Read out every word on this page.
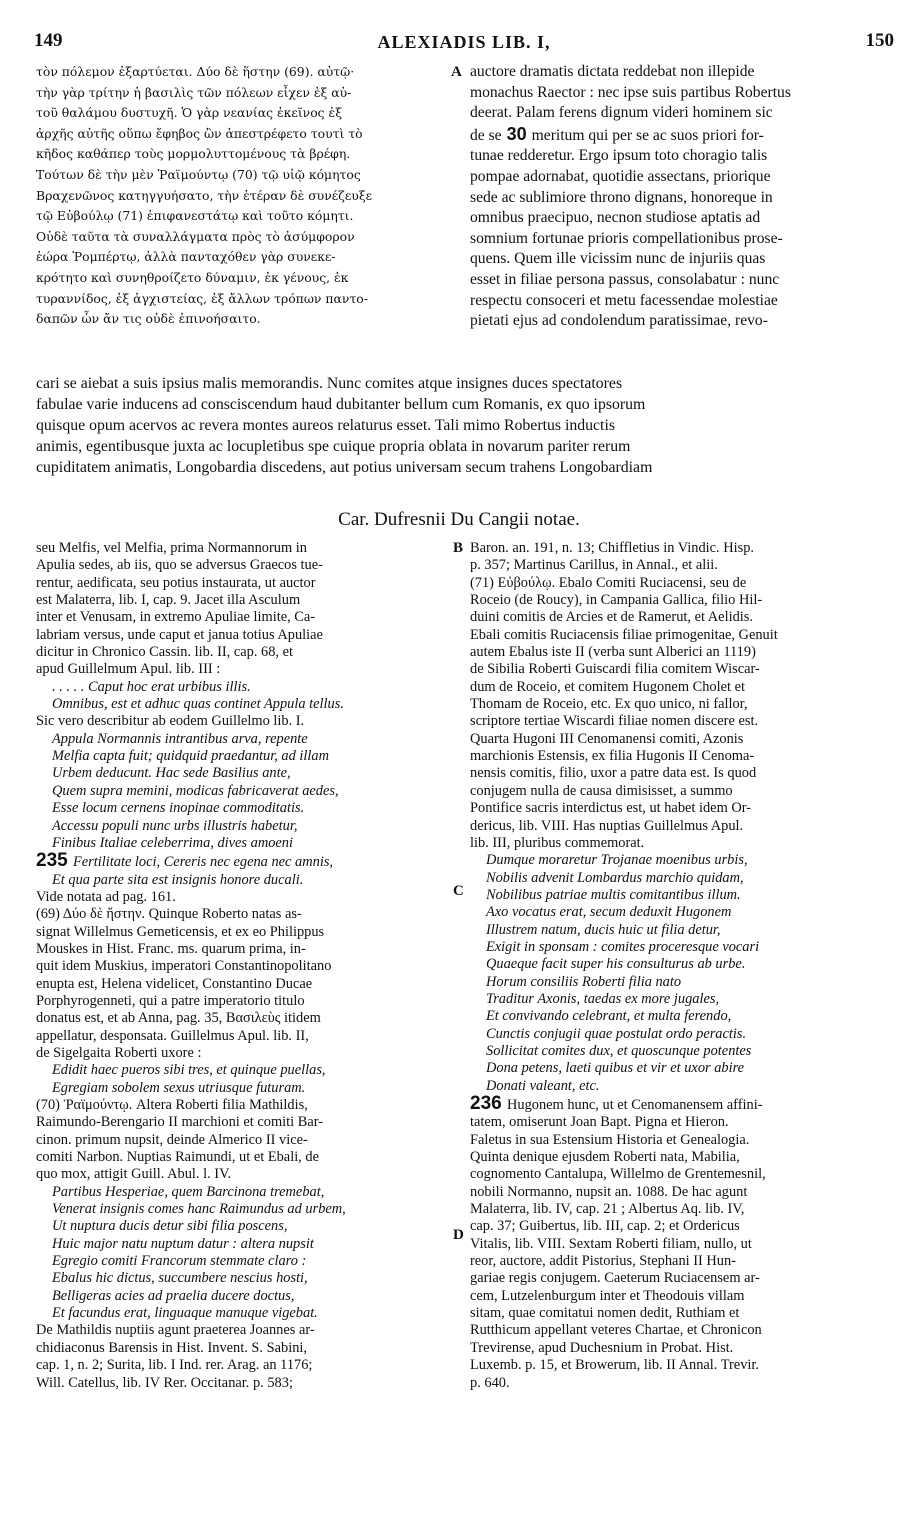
149	ALEXIADIS LIB. I,	150
τὸν πόλεμον ἐξαρτύεται. Δύο δὲ ἥστην (69). αὐτῷ·
τὴν γὰρ τρίτην ἡ βασιλὶς τῶν πόλεων εἶχεν ἐξ αὐ-
τοῦ θαλάμου δυστυχῆ. Ὁ γὰρ νεανίας ἐκεῖνος ἐξ
ἀρχῆς αὐτῆς οὕπω ἔφηβος ὢν ἀπεστρέφετο τουτὶ τὸ
κῆδος καθάπερ τοὺς μορμολυττομένους τὰ βρέφη.
Τούτων δὲ τὴν μὲν Ῥαϊμούντῳ (70) τῷ υἱῷ κόμητος
Βραχενῶνος κατηγγυήσατο, τὴν ἑτέραν δὲ συνέζευξε
τῷ Εὐβούλῳ (71) ἐπιφανεστάτῳ καὶ τοῦτο κόμητι.
Οὐδὲ ταῦτα τὰ συναλλάγματα πρὸς τὸ ἀσύμφορον
ἑώρα Ῥομπέρτῳ, ἀλλὰ πανταχόθεν γὰρ συνεκε-
κρότητο καὶ συνηθροίζετο δύναμιν, ἐκ γένους, ἐκ
τυραννίδος, ἐξ ἀγχιστείας, ἐξ ἄλλων τρόπων παντο-
δαπῶν ὧν ἄν τις οὐδὲ ἐπινοήσαιτο.
A auctore dramatis dictata reddebat non illepide
monachus Raector : nec ipse suis partibus Robertus
deerat. Palam ferens dignum videri hominem sic
de se 30 meritum qui per se ac suos priori for-
tunae redderetur. Ergo ipsum toto choragio talis
pompae adornabat, quotidie assectans, priorique
sede ac sublimiore throno dignans, honoreque in
omnibus praecipuo, necnon studiose aptatis ad
somnium fortunae prioris compellationibus prose-
quens. Quem ille vicissim nunc de injuriis quas
esset in filiae persona passus, consolabatur : nunc
respectu consoceri et metu facessendae molestiae
pietati ejus ad condolendum paratissimae, revo-
cari se aiebat a suis ipsius malis memorandis. Nunc comites atque insignes duces spectatores
fabulae varie inducens ad consciscendum haud dubitanter bellum cum Romanis, ex quo ipsorum
quisque opum acervos ac revera montes aureos relaturus esset. Tali mimo Robertus inductis
animis, egentibusque juxta ac locupletibus spe cuique propria oblata in novarum pariter rerum
cupiditatem animatis, Longobardia discedens, aut potius universam secum trahens Longobardiam
Car. Dufresnii Du Cangii notae.
seu Melfis, vel Melfia, prima Normannorum in
Apulia sedes, ab iis, quo se adversus Graecos tue-
rentur, aedificata, seu potius instaurata, ut auctor
est Malaterra, lib. I, cap. 9. Jacet illa Asculum
inter et Venusam, in extremo Apuliae limite, Ca-
labriam versus, unde caput et janua totius Apuliae
dicitur in Chronico Cassin. lib. II, cap. 68, et
apud Guillelmum Apul. lib. III :
. . . . . Caput hoc erat urbibus illis.
Omnibus, est et adhuc quas continet Appula tellus.
Sic vero describitur ab eodem Guillelmo lib. I.
Appula Normannis intrantibus arva, repente
Melfia capta fuit; quidquid praedantur, ad illam
Urbem deducunt. Hac sede Basilius ante,
Quem supra memini, modicas fabricaverat aedes,
Esse locum cernens inopinae commoditatis.
Accessu populi nunc urbs illustris habetur,
Finibus Italiae celeberrima, dives amoeni
235 Fertilitate loci, Cereris nec egena nec amnis,
Et qua parte sita est insignis honore ducali.
Vide notata ad pag. 161.
(69) Δύο δὲ ἥστην. Quinque Roberto natas as-
signat Willelmus Gemeticensis, et ex eo Philippus
Mouskes in Hist. Franc. ms. quarum prima, in-
quit idem Muskius, imperatori Constantinopolitano
enupta est, Helena videlicet, Constantino Ducae
Porphyrogenneti, qui a patre imperatorio titulo
donatus est, et ab Anna, pag. 35, Βασιλεὺς itidem
appellatur, desponsata. Guillelmus Apul. lib. II,
de Sigelgaita Roberti uxore :
Edidit haec pueros sibi tres, et quinque puellas,
Egregiam sobolem sexus utriusque futuram.
(70) Ῥαϊμούντῳ. Altera Roberti filia Mathildis,
Raimundo-Berengario II marchioni et comiti Bar-
cinon. primum nupsit, deinde Almerico II vice-
comiti Narbon. Nuptias Raimundi, ut et Ebali, de
quo mox, attigit Guill. Abul. l. IV.
Partibus Hesperiae, quem Barcinona tremebat,
Venerat insignis comes hanc Raimundus ad urbem,
Ut nuptura ducis detur sibi filia poscens,
Huic major natu nuptum datur : altera nupsit
Egregio comiti Francorum stemmate claro :
Ebalus hic dictus, succumbere nescius hosti,
Belligeras acies ad praelia ducere doctus,
Et facundus erat, linguaque manuque vigebat.
De Mathildis nuptiis agunt praeterea Joannes ar-
chidiaconus Barensis in Hist. Invent. S. Sabini,
cap. 1, n. 2; Surita, lib. I Ind. rer. Arag. an 1176;
Will. Catellus, lib. IV Rer. Occitanar. p. 583;
B
C
D
Baron. an. 191, n. 13; Chiffletius in Vindic. Hisp.
p. 357; Martinus Carillus, in Annal., et alii.
(71) Εὐβούλῳ. Ebalo Comiti Ruciacensi, seu de
Roceio (de Roucy), in Campania Gallica, filio Hil-
duini comitis de Arcies et de Ramerut, et Aelidis.
Ebali comitis Ruciacensis filiae primogenitae, Genuit
autem Ebalus iste II (verba sunt Alberici an 1119)
de Sibilia Roberti Guiscardi filia comitem Wiscar-
dum de Roceio, et comitem Hugonem Cholet et
Thomam de Roceio, etc. Ex quo unico, ni fallor,
scriptore tertiae Wiscardi filiae nomen discere est.
Quarta Hugoni III Cenomanensi comiti, Azonis
marchionis Estensis, ex filia Hugonis II Cenoma-
nensis comitis, filio, uxor a patre data est. Is quod
conjugem nulla de causa dimisisset, a summo
Pontifice sacris interdictus est, ut habet idem Or-
dericus, lib. VIII. Has nuptias Guillelmus Apul.
lib. III, pluribus commemorat.
Dumque moraretur Trojanae moenibus urbis,
Nobilis advenit Lombardus marchio quidam,
Nobilibus patriae multis comitantibus illum.
Axo vocatus erat, secum deduxit Hugonem
Illustrem natum, ducis huic ut filia detur,
Exigit in sponsam : comites proceresque vocari
Quaeque facit super his consulturus ab urbe.
Horum consiliis Roberti filia nato
Traditur Axonis, taedas ex more jugales,
Et convivando celebrant, et multa ferendo,
Cunctis conjugii quae postulat ordo peractis.
Sollicitat comites dux, et quoscunque potentes
Dona petens, laeti quibus et vir et uxor abire
Donati valeant, etc.
236 Hugonem hunc, ut et Cenomanensem affini-
tatem, omiserunt Joan Bapt. Pigna et Hieron.
Faletus in sua Estensium Historia et Genealogia.
Quinta denique ejusdem Roberti nata, Mabilia,
cognomento Cantalupa, Willelmo de Grentemesnil,
nobili Normanno, nupsit an. 1088. De hac agunt
Malaterra, lib. IV, cap. 21 ; Albertus Aq. lib. IV,
cap. 37; Guibertus, lib. III, cap. 2; et Ordericus
Vitalis, lib. VIII. Sextam Roberti filiam, nullo, ut
reor, auctore, addit Pistorius, Stephani II Hun-
gariae regis conjugem. Caeterum Ruciacensem ar-
cem, Lutzelenburgum inter et Theodouis villam
sitam, quae comitatui nomen dedit, Ruthiam et
Rutthicum appellant veteres Chartae, et Chronicon
Trevirense, apud Duchesnium in Probat. Hist.
Luxemb. p. 15, et Browerum, lib. II Annal. Trevir.
p. 640.
